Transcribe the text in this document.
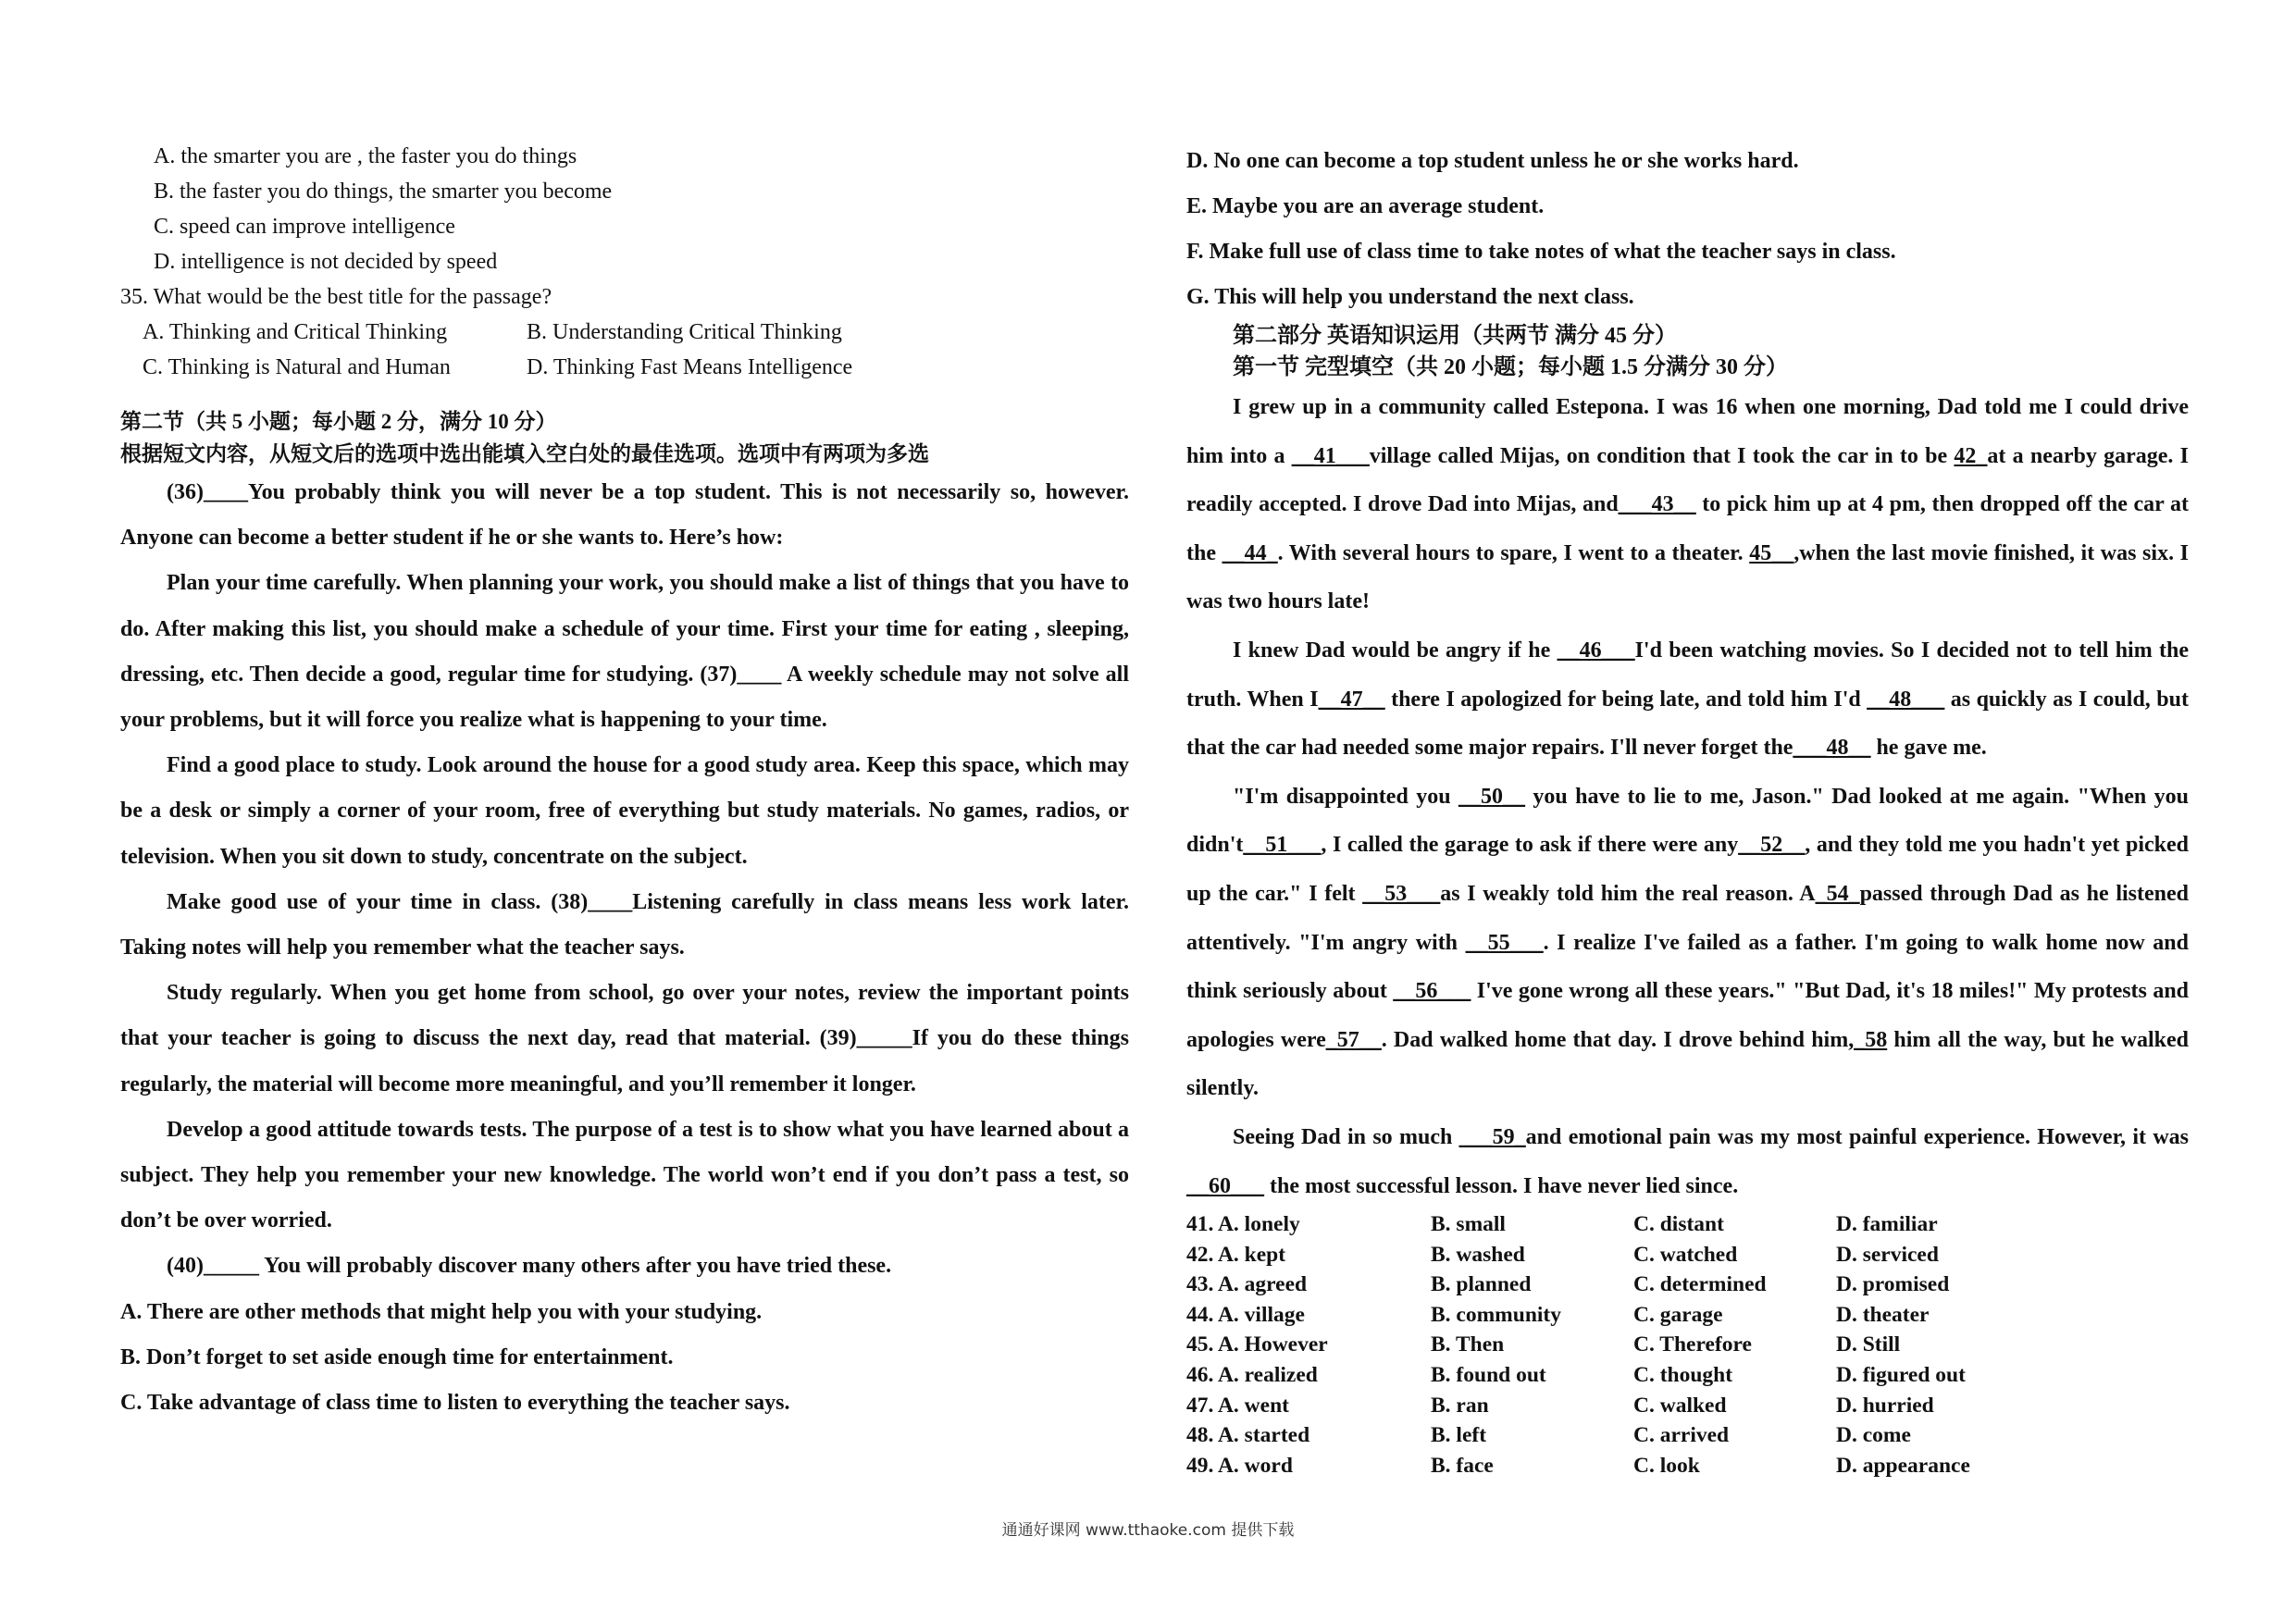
A. the smarter you are , the faster you do things
B. the faster you do things, the smarter you become
C. speed can improve intelligence
D. intelligence is not decided by speed
35. What would be the best title for the passage?
A. Thinking and Critical Thinking	B. Understanding Critical Thinking
C. Thinking is Natural and Human	D. Thinking Fast Means Intelligence
第二节（共 5 小题；每小题 2 分，满分 10 分）
根据短文内容，从短文后的选项中选出能填入空白处的最佳选项。选项中有两项为多选

(36)____You probably think you will never be a top student. This is not necessarily so, however. Anyone can become a better student if he or she wants to. Here’s how:

Plan your time carefully. When planning your work, you should make a list of things that you have to do. After making this list, you should make a schedule of your time. First your time for eating , sleeping, dressing, etc. Then decide a good, regular time for studying. (37)____ A weekly schedule may not solve all your problems, but it will force you realize what is happening to your time.

Find a good place to study. Look around the house for a good study area. Keep this space, which may be a desk or simply a corner of your room, free of everything but study materials. No games, radios, or television. When you sit down to study, concentrate on the subject.

Make good use of your time in class. (38)____Listening carefully in class means less work later. Taking notes will help you remember what the teacher says.

Study regularly. When you get home from school, go over your notes, review the important points that your teacher is going to discuss the next day, read that material. (39)_____If you do these things regularly, the material will become more meaningful, and you’ll remember it longer.

Develop a good attitude towards tests. The purpose of a test is to show what you have learned about a subject. They help you remember your new knowledge. The world won’t end if you don’t pass a test, so don’t be over worried.

(40)_____ You will probably discover many others after you have tried these.

A. There are other methods that might help you with your studying.

B. Don’t forget to set aside enough time for entertainment.

C. Take advantage of class time to listen to everything the teacher says.

D. No one can become a top student unless he or she works hard.
E. Maybe you are an average student.
F. Make full use of class time to take notes of what the teacher says in class.
G. This will help you understand the next class.
第二部分 英语知识运用（共两节 满分 45 分）
第一节 完型填空（共 20 小题；每小题 1.5 分满分 30 分）

I grew up in a community called Estepona. I was 16 when one morning, Dad told me I could drive him into a __41___village called Mijas, on condition that I took the car in to be 42_at a nearby garage. I readily accepted. I drove Dad into Mijas, and___43__ to pick him up at 4 pm, then dropped off the car at the __44_. With several hours to spare, I went to a theater. 45__,when the last movie finished, it was six. I was two hours late!

I knew Dad would be angry if he __46___I'd been watching movies. So I decided not to tell him the truth. When I__47__ there I apologized for being late, and told him I'd __48___ as quickly as I could, but that the car had needed some major repairs. I'll never forget the___48__ he gave me.

"I'm disappointed you __50__ you have to lie to me, Jason." Dad looked at me again. "When you didn't__51___, I called the garage to ask if there were any__52__, and they told me you hadn't yet picked up the car." I felt __53___as I weakly told him the real reason. A_54_passed through Dad as he listened attentively. "I'm angry with __55___. I realize I've failed as a father. I'm going to walk home now and think seriously about __56___ I've gone wrong all these years." "But Dad, it's 18 miles!" My protests and apologies were_57__. Dad walked home that day. I drove behind him,_58 him all the way, but he walked silently.

Seeing Dad in so much ___59_and emotional pain was my most painful experience. However, it was __60___ the most successful lesson. I have never lied since.

41. A. lonely	B. small	C. distant	D. familiar
42. A. kept	B. washed	C. watched	D. serviced
43. A. agreed	B. planned	C. determined	D. promised
44. A. village	B. community	C. garage	D. theater
45. A. However	B. Then	C. Therefore	D. Still
46. A. realized	B. found out	C. thought	D. figured out
47. A. went	B. ran	C. walked	D. hurried
48. A. started	B. left	C. arrived	D. come
49. A. word	B. face	C. look	D. appearance
通通好课网 www.tthaoke.com 提供下载
